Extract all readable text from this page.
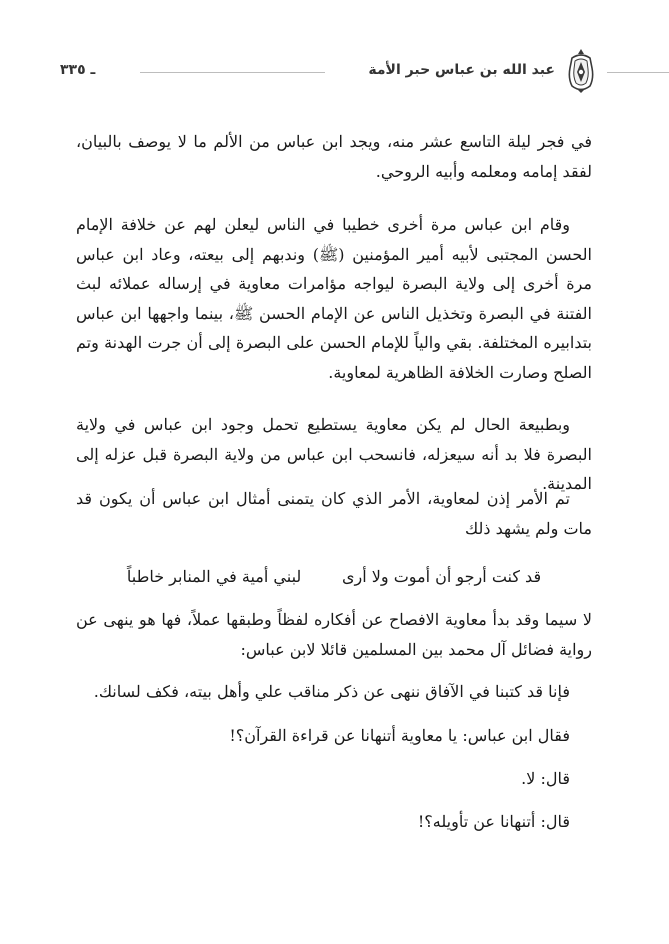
ـ ٣٣٥	عبد الله بن عباس حبر الأمة
في فجر ليلة التاسع عشر منه، ويجد ابن عباس من الألم ما لا يوصف بالبيان، لفقد إمامه ومعلمه وأبيه الروحي.
وقام ابن عباس مرة أخرى خطيبا في الناس ليعلن لهم عن خلافة الإمام الحسن المجتبى لأبيه أمير المؤمنين (ﷺ) وندبهم إلى بيعته، وعاد ابن عباس مرة أخرى إلى ولاية البصرة ليواجه مؤامرات معاوية في إرساله عملائه لبث الفتنة في البصرة وتخذيل الناس عن الإمام الحسن ﷺ، بينما واجهها ابن عباس بتدابيره المختلفة. بقي والياً للإمام الحسن على البصرة إلى أن جرت الهدنة وتم الصلح وصارت الخلافة الظاهرية لمعاوية.
وبطبيعة الحال لم يكن معاوية يستطيع تحمل وجود ابن عباس في ولاية البصرة فلا بد أنه سيعزله، فانسحب ابن عباس من ولاية البصرة قبل عزله إلى المدينة.
تم الأمر إذن لمعاوية، الأمر الذي كان يتمنى أمثال ابن عباس أن يكون قد مات ولم يشهد ذلك
قد كنت أرجو أن أموت ولا أرى        لبني أمية في المنابر خاطباً
لا سيما وقد بدأ معاوية الافصاح عن أفكاره لفظاً وطبقها عملاً، فها هو ينهى عن رواية فضائل آل محمد بين المسلمين قائلا لابن عباس:
فإنا قد كتبنا في الآفاق ننهى عن ذكر مناقب علي وأهل بيته، فكف لسانك.
فقال ابن عباس: يا معاوية أتنهانا عن قراءة القرآن؟!
قال: لا.
قال: أتنهانا عن تأويله؟!
